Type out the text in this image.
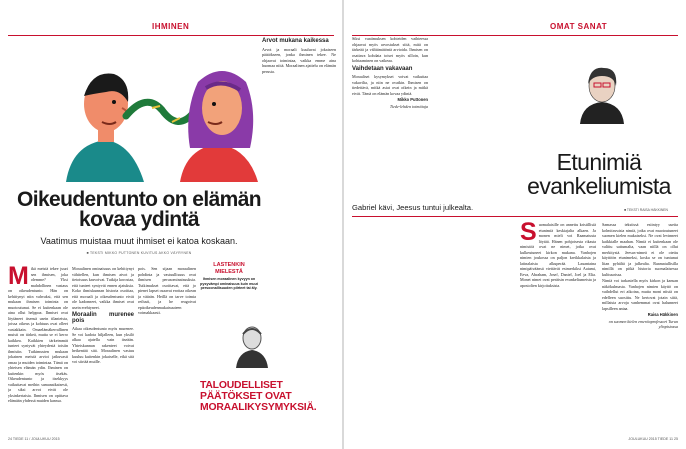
IHMINEN
Oikeudentunto on elämän kovaa ydintä
Vaatimus muistaa muut ihmiset ei katoa koskaan.
■ TEKSTI MIKKO PUTTONEN KUVITUS AKKO VÄYRYNEN
M ikä meistä tekee juuri sen ihmisen, joka olemme? Yksi mahdollinen vastaus on oikeudentunto. Hän on kehittynyt niin vahvaksi, että sen mukaan ihmisen toiminta on muotoutunut. Se ei kuitenkaan ole aina ollut helppoa. Ihmiset ovat löytäneet itsensä usein tilanteista, joissa oikeus ja kohtuus ovat olleet vastakkain. Omaelämäkerrallinen muisti on tärkeä, mutta se ei kerro kaikkea. Kaikkien tärkeimmät tunteet syntyvät yhteydestä toisiin ihmisiin. Tutkimusten mukaan jokainen meistä arvioi jatkuvasti omaa ja muiden toimintaa. Tämä on yhteisen elämän ydin. Ihminen on kuitenkin myös itsekäs. Oikeudentunto ja itsekkyys vaikuttavat meihin samanaikaisesti, ja siksi arvot eivät ole yksinkertaisia. Ihmisen on opittava elämään yhdessä muiden kanssa.

Moraalinen ominaisuus on kehittynyt vähitellen, kun ihmisen aivot ja tietoisuus kasvoivat. Tutkija korostaa, että tunteet syntyvät ennen ajatuksia. Koko ihmiskunnan historia osoittaa, että moraali ja oikeudentunto eivät ole kadonneet, vaikka ihmiset ovat usein erehtyneet.

Moraalin murenee pois

Aikaa oikeudentunto myös murenee. Se voi kadota hiljalleen, kun yksilö alkaa ajatella vain itseään. Yhteiskunnan rakenteet voivat heikentää sitä. Moraalinen vastuu kuuluu kuitenkin jokaiselle, eikä sitä voi siirtää muille.

pois. Sen sijaan moraalinen pohdinta ja vastuullisuus ovat ihmisen perusominaisuuksia. Tutkimukset osoittavat, että jo pienet lapset osaavat erottaa oikean ja väärän. Heillä on tarve toimia reilusti, ja he reagoivat epäoikeudenmukaisuuteen voimakkaasti.

LASTENKIN MIELESTÄ
Ihmisen moraalinen kyvyyn on pysyvämpi ominaisuus kuin muut persoonallisuuden piirteet tai äly.
Arvot mukana kaikessa

Arvot ja moraali kuuluvat jokaiseen päätökseen, jonka ihminen tekee. Ne ohjaavat toimintaa, vaikka emme aina huomaa niitä. Moraalinen ajattelu on elämän perusta.

TALOUDELLISET PÄÄTÖKSET OVAT MORAALIKYSYMYKSIÄ.
24 TIEDE 11 / JOULUKUU 2015
OMAT SANAT

Siksi vaatimuksen kohteiden vaihteessa ohjaavat myös arvostukset siitä, mitä on tärkeää ja välttämätöntä arvioida. Ihmisen on osattava kohdata toiset myös silloin, kun kohtaaminen on vaikeaa.

Vaihdetaan vakavaan

Moraaliset kysymykset voivat vaikuttaa vakavilta, ja niin ne ovatkin. Ihmisen on tiedettävä, mitkä asiat ovat oikein ja mitkä eivät. Tämä on elämän kovaa ydintä.

Mikko Puttonen

Tiede-lehden toimittaja

Etunimiä evankeliumista
Gabriel kävi, Jeesus tuntui julkealta.	■ TEKSTI RAISA HÄKKINEN
S uomalaisille on annettu kristillisiä etunimiä keskiajalta alkaen. Ja monen mieli voi Raamatusta löytää. Hänen pohjoisesta rikasta nimistöä ovat ne nimet, jotka ovat kulkeutuneet kirkon mukana. Vanhojen nimien joukossa on paljon kreikkalaista ja latinalaista alkuperää. Lauantaina nimipäiväänsä viettävät esimerkiksi Aatami, Eeva, Abraham, Josef, Daniel, Joel ja Elia. Monet nimet ovat peräisin evankeliumeista ja apostolien kirjoituksista.

Samassa tekstissä esiintyy useita kolmitavuisia nimiä, jotka ovat muotoutuneet suomen kielen mukaiseksi. Ne ovat levinneet kaikkialle maahan. Nimiä ei kuitenkaan ole valittu sattumalta, vaan niillä on ollut merkitystä. Jeesus-nimeä ei ole otettu käyttöön etunimeksi, koska se on tuntunut liian pyhältä ja julkealta. Raamatullisilla nimillä on pitkä historia suomalaisessa kulttuurissa.

Nimiä voi tarkastella myös kirkon ja kansan näkökulmasta. Vanhojen nimien käyttö on vaihdellut eri aikoina, mutta moni niistä on edelleen suosittu. Ne kertovat jotain siitä, millaisia arvoja vanhemmat ovat halunneet lapsilleen antaa.

Raisa Häkkinen

on suomen kielen emeritaprofessori Turun yliopistossa

JOULUKUU 2015 TIEDE 11 25
